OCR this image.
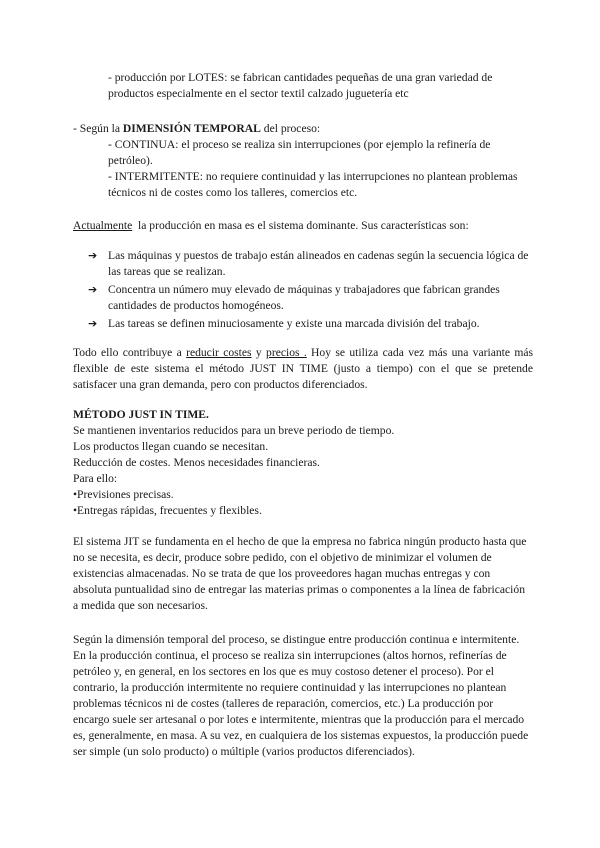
- producción por LOTES: se fabrican cantidades pequeñas de una gran variedad de productos especialmente en el sector textil calzado juguetería etc

- Según la DIMENSIÓN TEMPORAL del proceso:

- CONTINUA: el proceso se realiza sin interrupciones (por ejemplo la refinería de petróleo).

- INTERMITENTE: no requiere continuidad y las interrupciones no plantean problemas técnicos ni de costes como los talleres, comercios etc.

Actualmente  la producción en masa es el sistema dominante. Sus características son:

➔ Las máquinas y puestos de trabajo están alineados en cadenas según la secuencia lógica de las tareas que se realizan.
➔ Concentra un número muy elevado de máquinas y trabajadores que fabrican grandes cantidades de productos homogéneos.
➔ Las tareas se definen minuciosamente y existe una marcada división del trabajo.

Todo ello contribuye a reducir costes y precios . Hoy se utiliza cada vez más una variante más flexible de este sistema el método JUST IN TIME (justo a tiempo) con el que se pretende satisfacer una gran demanda, pero con productos diferenciados.

MÉTODO JUST IN TIME.
Se mantienen inventarios reducidos para un breve periodo de tiempo.
Los productos llegan cuando se necesitan.
Reducción de costes. Menos necesidades financieras.
Para ello:
•Previsiones precisas.
•Entregas rápidas, frecuentes y flexibles.

El sistema JIT se fundamenta en el hecho de que la empresa no fabrica ningún producto hasta que no se necesita, es decir, produce sobre pedido, con el objetivo de minimizar el volumen de existencias almacenadas. No se trata de que los proveedores hagan muchas entregas y con absoluta puntualidad sino de entregar las materias primas o componentes a la línea de fabricación a medida que son necesarios.

Según la dimensión temporal del proceso, se distingue entre producción continua e intermitente. En la producción continua, el proceso se realiza sin interrupciones (altos hornos, refinerías de petróleo y, en general, en los sectores en los que es muy costoso detener el proceso). Por el contrario, la producción intermitente no requiere continuidad y las interrupciones no plantean problemas técnicos ni de costes (talleres de reparación, comercios, etc.) La producción por encargo suele ser artesanal o por lotes e intermitente, mientras que la producción para el mercado es, generalmente, en masa. A su vez, en cualquiera de los sistemas expuestos, la producción puede ser simple (un solo producto) o múltiple (varios productos diferenciados).
